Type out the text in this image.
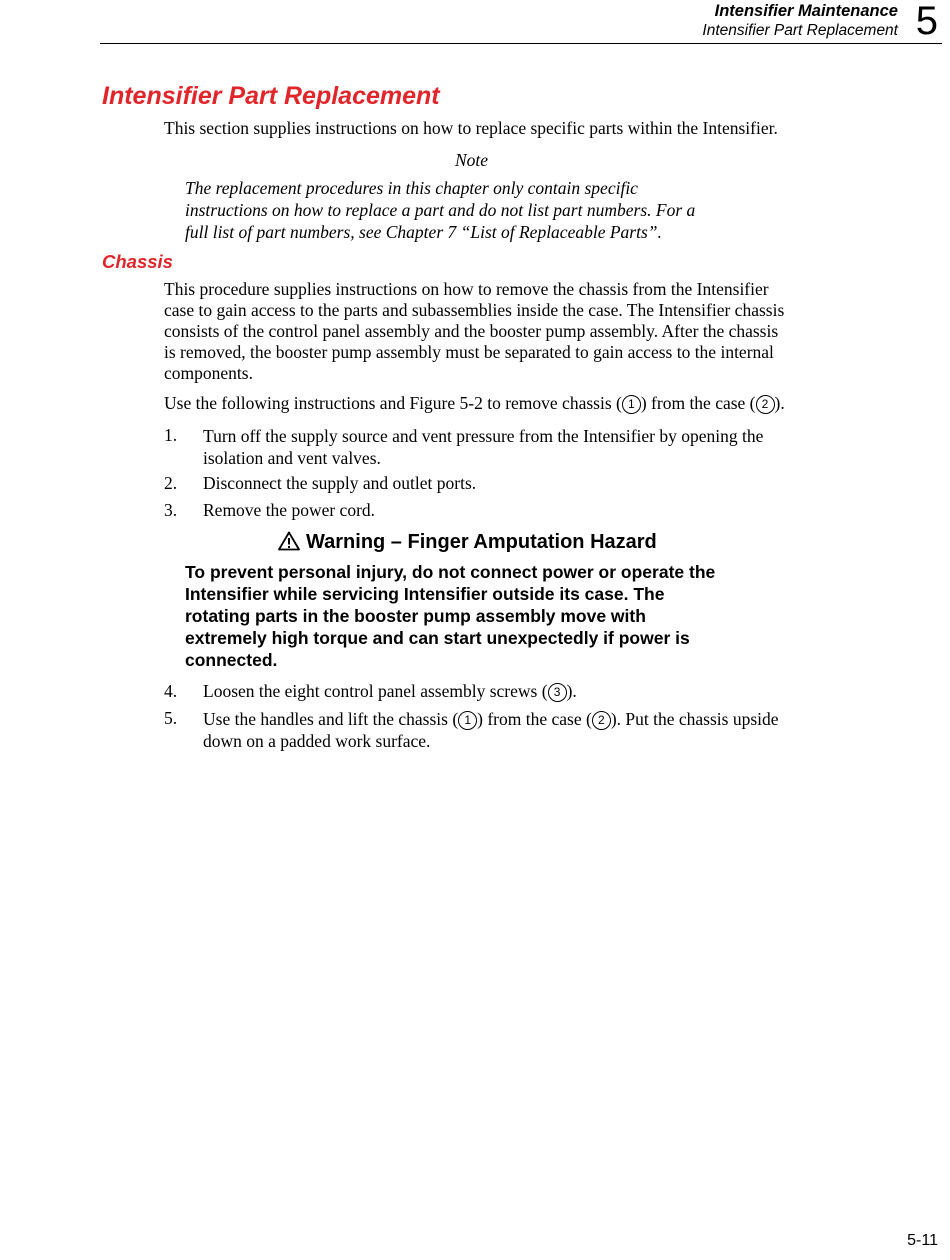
Intensifier Maintenance
Intensifier Part Replacement 5
Intensifier Part Replacement
This section supplies instructions on how to replace specific parts within the Intensifier.
Note
The replacement procedures in this chapter only contain specific
instructions on how to replace a part and do not list part numbers. For a
full list of part numbers, see Chapter 7 “List of Replaceable Parts”.
Chassis
This procedure supplies instructions on how to remove the chassis from the Intensifier
case to gain access to the parts and subassemblies inside the case. The Intensifier chassis
consists of the control panel assembly and the booster pump assembly. After the chassis
is removed, the booster pump assembly must be separated to gain access to the internal
components.
Use the following instructions and Figure 5-2 to remove chassis ( 1 ) from the case ( 2 ).
1. Turn off the supply source and vent pressure from the Intensifier by opening the
isolation and vent valves.
2. Disconnect the supply and outlet ports.
3. Remove the power cord.
Warning – Finger Amputation Hazard
To prevent personal injury, do not connect power or operate the
Intensifier while servicing Intensifier outside its case. The
rotating parts in the booster pump assembly move with
extremely high torque and can start unexpectedly if power is
connected.
4. Loosen the eight control panel assembly screws ( 3 ).
5. Use the handles and lift the chassis ( 1 ) from the case ( 2 ). Put the chassis upside
down on a padded work surface.
5-11
